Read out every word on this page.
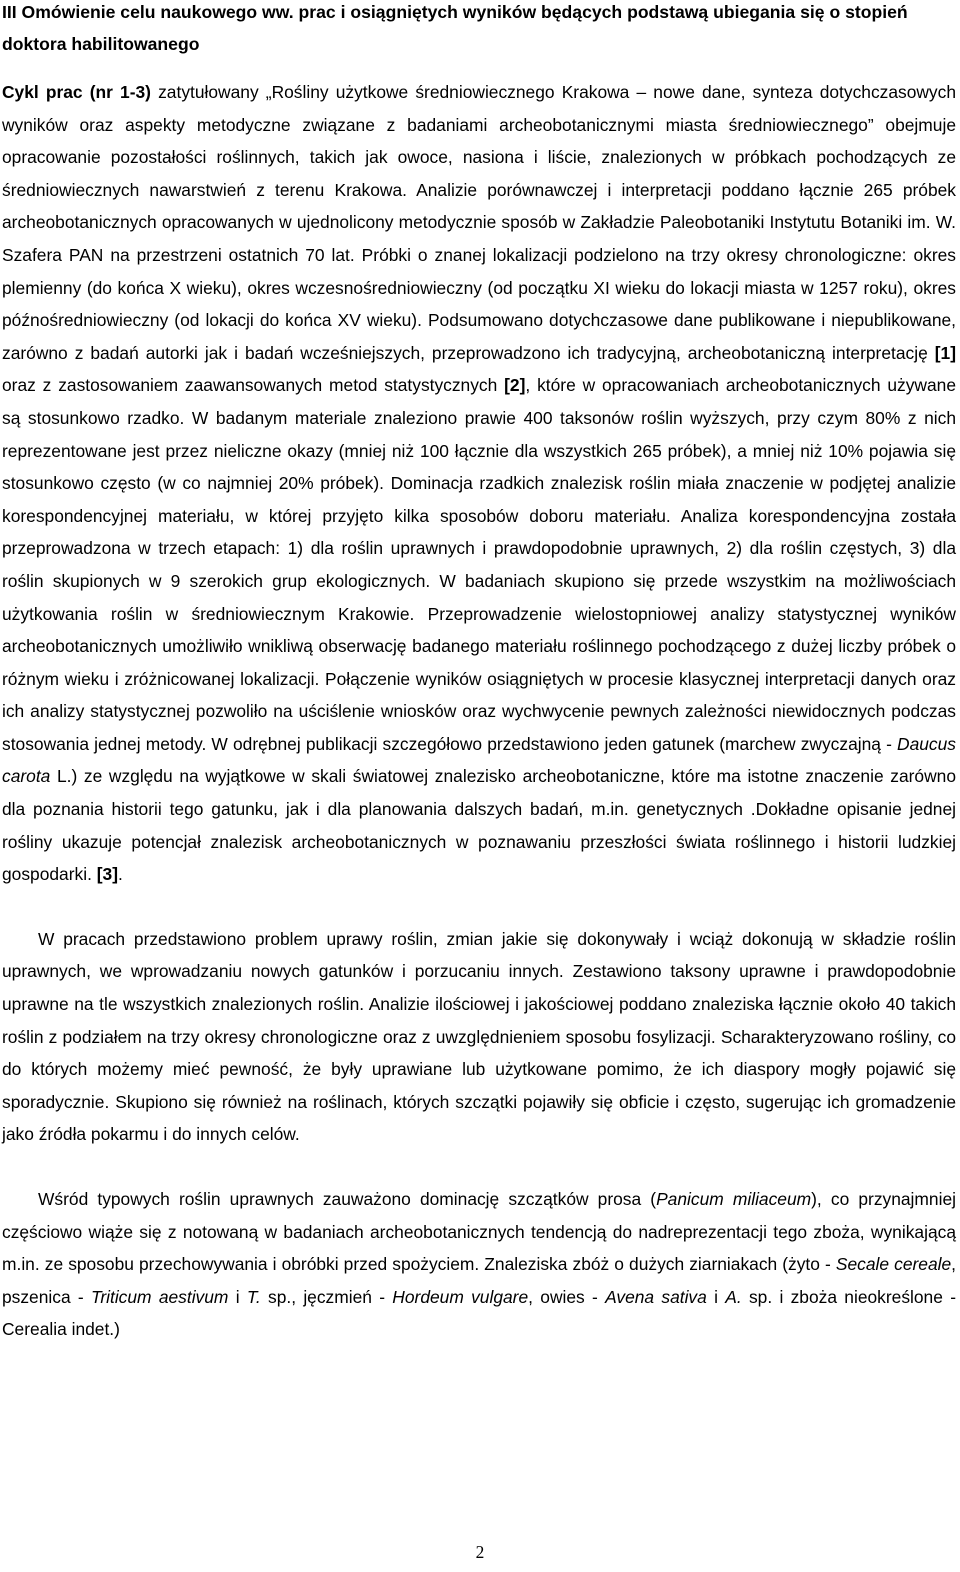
III Omówienie celu naukowego ww. prac i osiągniętych wyników będących podstawą ubiegania się o stopień doktora habilitowanego

Cykl prac (nr 1-3) zatytułowany „Rośliny użytkowe średniowiecznego Krakowa – nowe dane, synteza dotychczasowych wyników oraz aspekty metodyczne związane z badaniami archeobotanicznymi miasta średniowiecznego” obejmuje opracowanie pozostałości roślinnych, takich jak owoce, nasiona i liście, znalezionych w próbkach pochodzących ze średniowiecznych nawarstwień z terenu Krakowa. Analizie porównawczej i interpretacji poddano łącznie 265 próbek archeobotanicznych opracowanych w ujednolicony metodycznie sposób w Zakładzie Paleobotaniki Instytutu Botaniki im. W. Szafera PAN na przestrzeni ostatnich 70 lat. Próbki o znanej lokalizacji podzielono na trzy okresy chronologiczne: okres plemienny (do końca X wieku), okres wczesnośredniowieczny (od początku XI wieku do lokacji miasta w 1257 roku), okres późnośredniowieczny (od lokacji do końca XV wieku). Podsumowano dotychczasowe dane publikowane i niepublikowane, zarówno z badań autorki jak i badań wcześniejszych, przeprowadzono ich tradycyjną, archeobotaniczną interpretację [1] oraz z zastosowaniem zaawansowanych metod statystycznych [2], które w opracowaniach archeobotanicznych używane są stosunkowo rzadko. W badanym materiale znaleziono prawie 400 taksonów roślin wyższych, przy czym 80% z nich reprezentowane jest przez nieliczne okazy (mniej niż 100 łącznie dla wszystkich 265 próbek), a mniej niż 10% pojawia się stosunkowo często (w co najmniej 20% próbek). Dominacja rzadkich znalezisk roślin miała znaczenie w podjętej analizie korespondencyjnej materiału, w której przyjęto kilka sposobów doboru materiału. Analiza korespondencyjna została przeprowadzona w trzech etapach: 1) dla roślin uprawnych i prawdopodobnie uprawnych, 2) dla roślin częstych, 3) dla roślin skupionych w 9 szerokich grup ekologicznych. W badaniach skupiono się przede wszystkim na możliwościach użytkowania roślin w średniowiecznym Krakowie. Przeprowadzenie wielostopniowej analizy statystycznej wyników archeobotanicznych umożliwiło wnikliwą obserwację badanego materiału roślinnego pochodzącego z dużej liczby próbek o różnym wieku i zróżnicowanej lokalizacji. Połączenie wyników osiągniętych w procesie klasycznej interpretacji danych oraz ich analizy statystycznej pozwoliło na uściślenie wniosków oraz wychwycenie pewnych zależności niewidocznych podczas stosowania jednej metody. W odrębnej publikacji szczegółowo przedstawiono jeden gatunek (marchew zwyczajną - Daucus carota L.) ze względu na wyjątkowe w skali światowej znalezisko archeobotaniczne, które ma istotne znaczenie zarówno dla poznania historii tego gatunku, jak i dla planowania dalszych badań, m.in. genetycznych .Dokładne opisanie jednej rośliny ukazuje potencjał znalezisk archeobotanicznych w poznawaniu przeszłości świata roślinnego i historii ludzkiej gospodarki. [3].

W pracach przedstawiono problem uprawy roślin, zmian jakie się dokonywały i wciąż dokonują w składzie roślin uprawnych, we wprowadzaniu nowych gatunków i porzucaniu innych. Zestawiono taksony uprawne i prawdopodobnie uprawne na tle wszystkich znalezionych roślin. Analizie ilościowej i jakościowej poddano znaleziska łącznie około 40 takich roślin z podziałem na trzy okresy chronologiczne oraz z uwzględnieniem sposobu fosylizacji. Scharakteryzowano rośliny, co do których możemy mieć pewność, że były uprawiane lub użytkowane pomimo, że ich diaspory mogły pojawić się sporadycznie. Skupiono się również na roślinach, których szczątki pojawiły się obficie i często, sugerując ich gromadzenie jako źródła pokarmu i do innych celów.

Wśród typowych roślin uprawnych zauważono dominację szczątków prosa (Panicum miliaceum), co przynajmniej częściowo wiąże się z notowaną w badaniach archeobotanicznych tendencją do nadreprezentacji tego zboża, wynikającą m.in. ze sposobu przechowywania i obróbki przed spożyciem. Znaleziska zbóż o dużych ziarniakach (żyto - Secale cereale, pszenica - Triticum aestivum i T. sp., jęczmień - Hordeum vulgare, owies - Avena sativa i A. sp. i zboża nieokreślone - Cerealia indet.)

2
